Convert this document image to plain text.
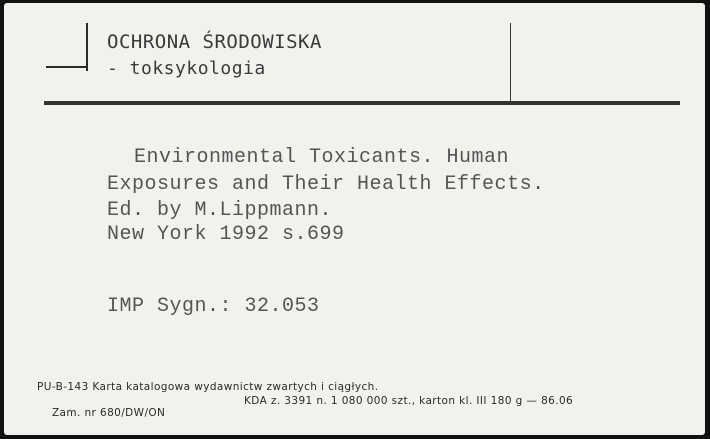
OCHRONA ŚRODOWISKA
- toksykologia
Environmental Toxicants. Human
Exposures and Their Health Effects.
Ed. by M.Lippmann.
New York 1992 s.699
IMP Sygn.: 32.053
PU-B-143 Karta katalogowa wydawnictw zwartych i ciągłych.

Zam. nr 680/DW/ON

KDA z. 3391 n. 1 080 000 szt., karton kl. III 180 g — 86.06
